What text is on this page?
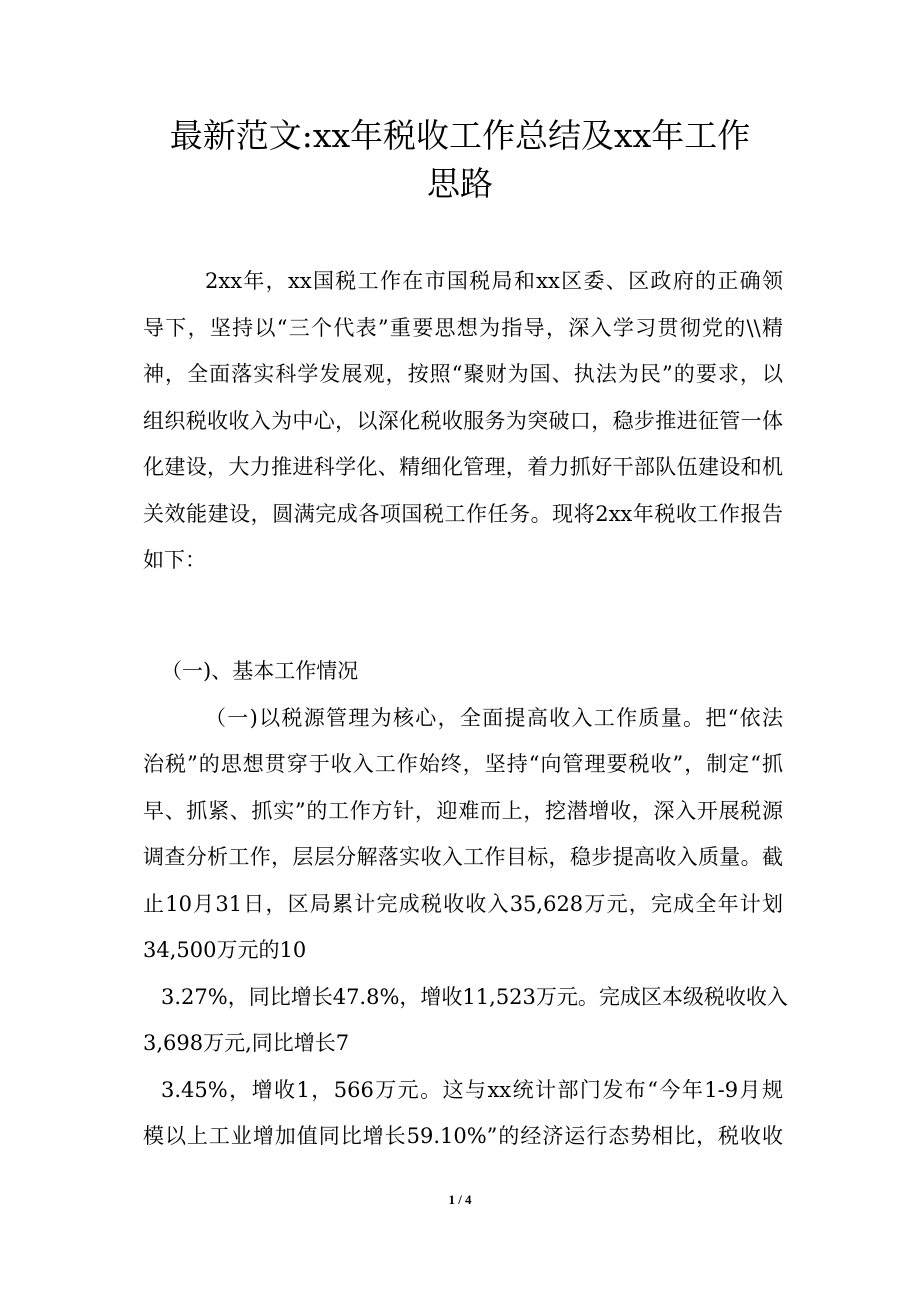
最新范文:xx年税收工作总结及xx年工作
思路
2xx年，xx国税工作在市国税局和xx区委、区政府的正确领
导下，坚持以“三个代表”重要思想为指导，深入学习贯彻党的\\精
神，全面落实科学发展观，按照“聚财为国、执法为民”的要求，以
组织税收收入为中心，以深化税收服务为突破口，稳步推进征管一体
化建设，大力推进科学化、精细化管理，着力抓好干部队伍建设和机
关效能建设，圆满完成各项国税工作任务。现将2xx年税收工作报告
如下：
（一)、基本工作情况
（一)以税源管理为核心，全面提高收入工作质量。把“依法
治税”的思想贯穿于收入工作始终，坚持“向管理要税收”，制定“抓
早、抓紧、抓实”的工作方针，迎难而上，挖潜增收，深入开展税源
调查分析工作，层层分解落实收入工作目标，稳步提高收入质量。截
止10月31日，区局累计完成税收收入35,628万元，完成全年计划
34,500万元的10
3.27%，同比增长47.8%，增收11,523万元。完成区本级税收收入
3,698万元,同比增长7
3.45%，增收1，566万元。这与xx统计部门发布“今年1-9月规
模以上工业增加值同比增长59.10%”的经济运行态势相比，税收收
1 / 4
